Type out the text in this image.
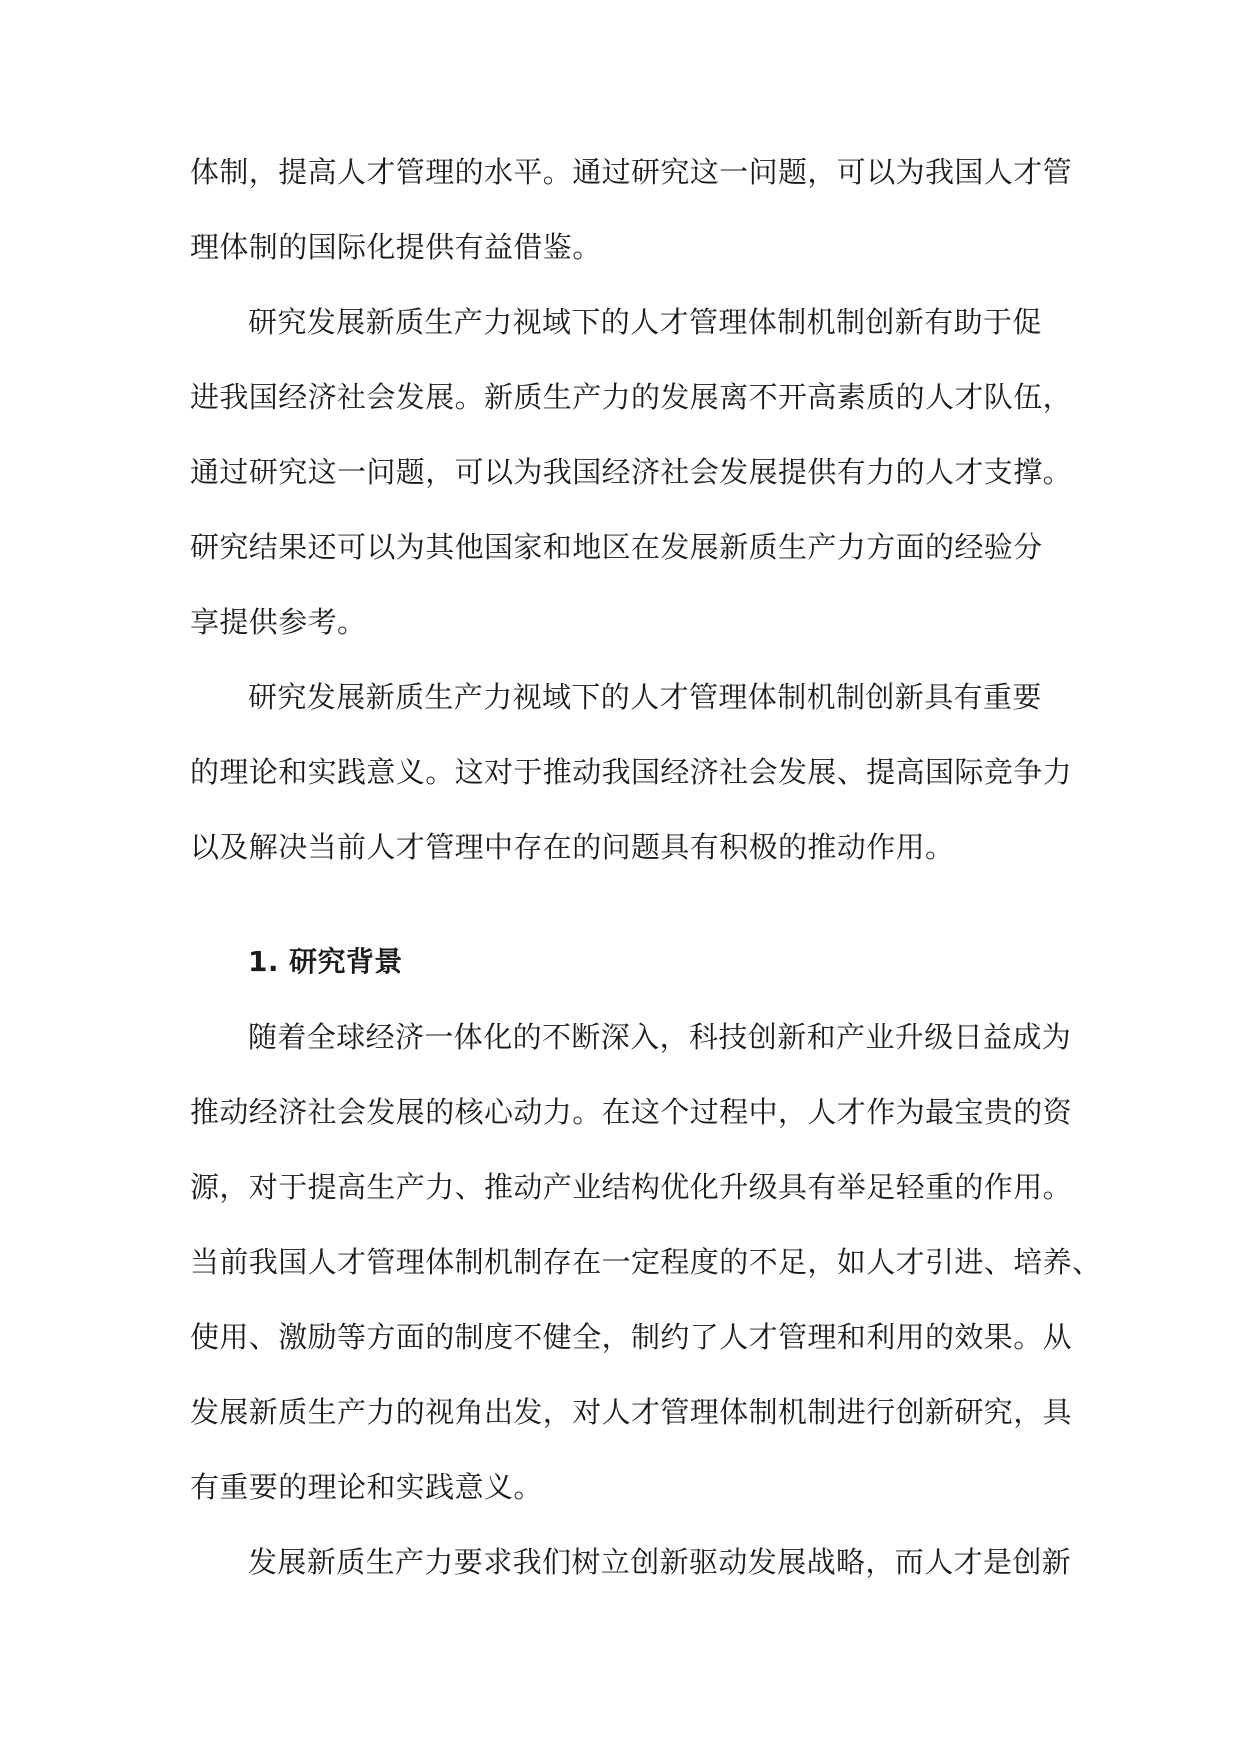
体制，提高人才管理的水平。通过研究这一问题，可以为我国人才管
理体制的国际化提供有益借鉴。
研究发展新质生产力视域下的人才管理体制机制创新有助于促
进我国经济社会发展。新质生产力的发展离不开高素质的人才队伍，
通过研究这一问题，可以为我国经济社会发展提供有力的人才支撑。
研究结果还可以为其他国家和地区在发展新质生产力方面的经验分
享提供参考。
研究发展新质生产力视域下的人才管理体制机制创新具有重要
的理论和实践意义。这对于推动我国经济社会发展、提高国际竞争力
以及解决当前人才管理中存在的问题具有积极的推动作用。
1. 研究背景
随着全球经济一体化的不断深入，科技创新和产业升级日益成为
推动经济社会发展的核心动力。在这个过程中，人才作为最宝贵的资
源，对于提高生产力、推动产业结构优化升级具有举足轻重的作用。
当前我国人才管理体制机制存在一定程度的不足，如人才引进、培养、
使用、激励等方面的制度不健全，制约了人才管理和利用的效果。从
发展新质生产力的视角出发，对人才管理体制机制进行创新研究，具
有重要的理论和实践意义。
发展新质生产力要求我们树立创新驱动发展战略，而人才是创新
